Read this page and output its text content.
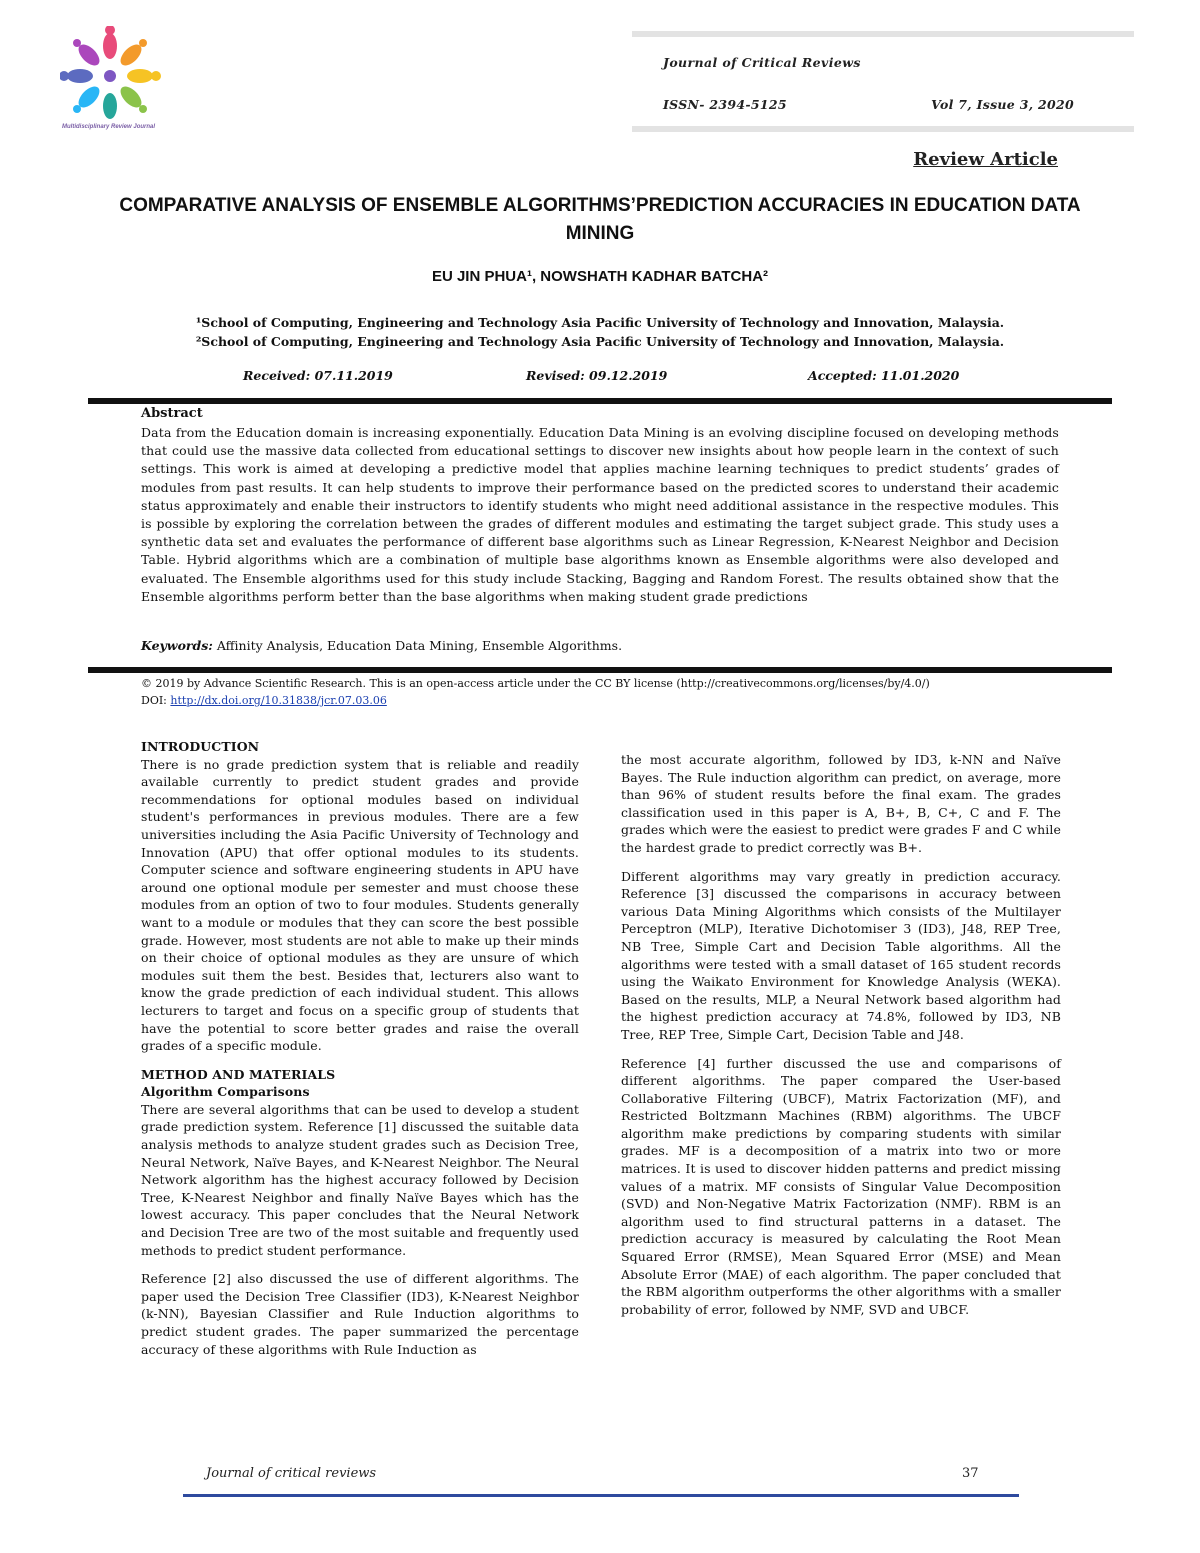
Multidisciplinary Review Journal
Journal of Critical Reviews
ISSN- 2394-5125	Vol 7, Issue 3, 2020
Review Article
COMPARATIVE ANALYSIS OF ENSEMBLE ALGORITHMS’PREDICTION ACCURACIES IN EDUCATION DATA MINING
EU JIN PHUA¹, NOWSHATH KADHAR BATCHA²
¹School of Computing, Engineering and Technology Asia Pacific University of Technology and Innovation, Malaysia.
²School of Computing, Engineering and Technology Asia Pacific University of Technology and Innovation, Malaysia.
Received: 07.11.2019	Revised: 09.12.2019	Accepted: 11.01.2020
Abstract
Data from the Education domain is increasing exponentially. Education Data Mining is an evolving discipline focused on developing methods that could use the massive data collected from educational settings to discover new insights about how people learn in the context of such settings. This work is aimed at developing a predictive model that applies machine learning techniques to predict students’ grades of modules from past results. It can help students to improve their performance based on the predicted scores to understand their academic status approximately and enable their instructors to identify students who might need additional assistance in the respective modules. This is possible by exploring the correlation between the grades of different modules and estimating the target subject grade. This study uses a synthetic data set and evaluates the performance of different base algorithms such as Linear Regression, K-Nearest Neighbor and Decision Table. Hybrid algorithms which are a combination of multiple base algorithms known as Ensemble algorithms were also developed and evaluated. The Ensemble algorithms used for this study include Stacking, Bagging and Random Forest. The results obtained show that the Ensemble algorithms perform better than the base algorithms when making student grade predictions
Keywords: Affinity Analysis, Education Data Mining, Ensemble Algorithms.
© 2019 by Advance Scientific Research. This is an open-access article under the CC BY license (http://creativecommons.org/licenses/by/4.0/)
DOI: http://dx.doi.org/10.31838/jcr.07.03.06
INTRODUCTION

There is no grade prediction system that is reliable and readily available currently to predict student grades and provide recommendations for optional modules based on individual student's performances in previous modules. There are a few universities including the Asia Pacific University of Technology and Innovation (APU) that offer optional modules to its students. Computer science and software engineering students in APU have around one optional module per semester and must choose these modules from an option of two to four modules. Students generally want to a module or modules that they can score the best possible grade. However, most students are not able to make up their minds on their choice of optional modules as they are unsure of which modules suit them the best. Besides that, lecturers also want to know the grade prediction of each individual student. This allows lecturers to target and focus on a specific group of students that have the potential to score better grades and raise the overall grades of a specific module.

METHOD AND MATERIALS
Algorithm Comparisons

There are several algorithms that can be used to develop a student grade prediction system. Reference [1] discussed the suitable data analysis methods to analyze student grades such as Decision Tree, Neural Network, Naïve Bayes, and K-Nearest Neighbor. The Neural Network algorithm has the highest accuracy followed by Decision Tree, K-Nearest Neighbor and finally Naïve Bayes which has the lowest accuracy. This paper concludes that the Neural Network and Decision Tree are two of the most suitable and frequently used methods to predict student performance.

Reference [2] also discussed the use of different algorithms. The paper used the Decision Tree Classifier (ID3), K-Nearest Neighbor (k-NN), Bayesian Classifier and Rule Induction algorithms to predict student grades. The paper summarized the percentage accuracy of these algorithms with Rule Induction as

the most accurate algorithm, followed by ID3, k-NN and Naïve Bayes. The Rule induction algorithm can predict, on average, more than 96% of student results before the final exam. The grades classification used in this paper is A, B+, B, C+, C and F. The grades which were the easiest to predict were grades F and C while the hardest grade to predict correctly was B+.

Different algorithms may vary greatly in prediction accuracy. Reference [3] discussed the comparisons in accuracy between various Data Mining Algorithms which consists of the Multilayer Perceptron (MLP), Iterative Dichotomiser 3 (ID3), J48, REP Tree, NB Tree, Simple Cart and Decision Table algorithms. All the algorithms were tested with a small dataset of 165 student records using the Waikato Environment for Knowledge Analysis (WEKA). Based on the results, MLP, a Neural Network based algorithm had the highest prediction accuracy at 74.8%, followed by ID3, NB Tree, REP Tree, Simple Cart, Decision Table and J48.

Reference [4] further discussed the use and comparisons of different algorithms. The paper compared the User-based Collaborative Filtering (UBCF), Matrix Factorization (MF), and Restricted Boltzmann Machines (RBM) algorithms. The UBCF algorithm make predictions by comparing students with similar grades. MF is a decomposition of a matrix into two or more matrices. It is used to discover hidden patterns and predict missing values of a matrix. MF consists of Singular Value Decomposition (SVD) and Non-Negative Matrix Factorization (NMF). RBM is an algorithm used to find structural patterns in a dataset. The prediction accuracy is measured by calculating the Root Mean Squared Error (RMSE), Mean Squared Error (MSE) and Mean Absolute Error (MAE) of each algorithm. The paper concluded that the RBM algorithm outperforms the other algorithms with a smaller probability of error, followed by NMF, SVD and UBCF.

Journal of critical reviews	37
